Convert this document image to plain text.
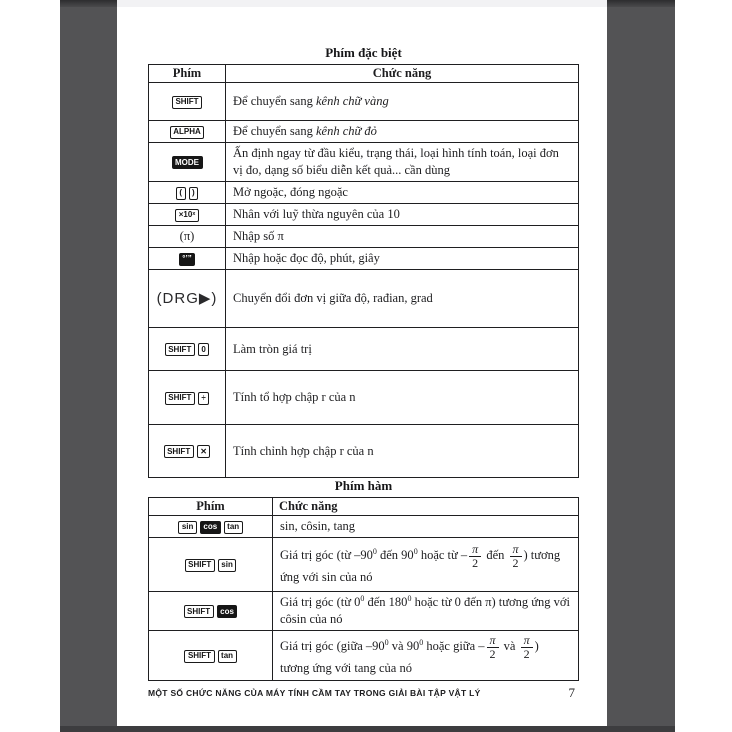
Phím đặc biệt
Phím	Chức năng
SHIFT	Để chuyển sang kênh chữ vàng
ALPHA	Để chuyển sang kênh chữ đỏ
MODE	Ấn định ngay từ đầu kiểu, trạng thái, loại hình tính toán, loại đơn vị đo, dạng số biểu diễn kết quả... cần dùng
( )	Mở ngoặc, đóng ngoặc
×10ˣ	Nhân với luỹ thừa nguyên của 10
(π)	Nhập số π
°’”	Nhập hoặc đọc độ, phút, giây
(DRG▶)	Chuyển đổi đơn vị giữa độ, rađian, grad
SHIFT 0	Làm tròn giá trị
SHIFT ÷	Tính tổ hợp chập r của n
SHIFT ✕	Tính chỉnh hợp chập r của n
Phím hàm
Phím	Chức năng
sin cos tan	sin, côsin, tang
SHIFT sin	Giá trị góc (từ $-90^0$ đến $90^0$ hoặc từ – $\frac{\pi}{2}$ đến $\frac{\pi}{2}$ ) tương ứng với sin của nó
SHIFT cos	Giá trị góc (từ $0^0$ đến $180^0$ hoặc từ 0 đến π) tương ứng với côsin của nó
SHIFT tan	Giá trị góc (giữa $-90^0$ và $90^0$ hoặc giữa – $\frac{\pi}{2}$ và $\frac{\pi}{2}$ ) tương ứng với tang của nó
MỘT SỐ CHỨC NĂNG CỦA MÁY TÍNH CẦM TAY TRONG GIẢI BÀI TẬP VẬT LÝ	7
